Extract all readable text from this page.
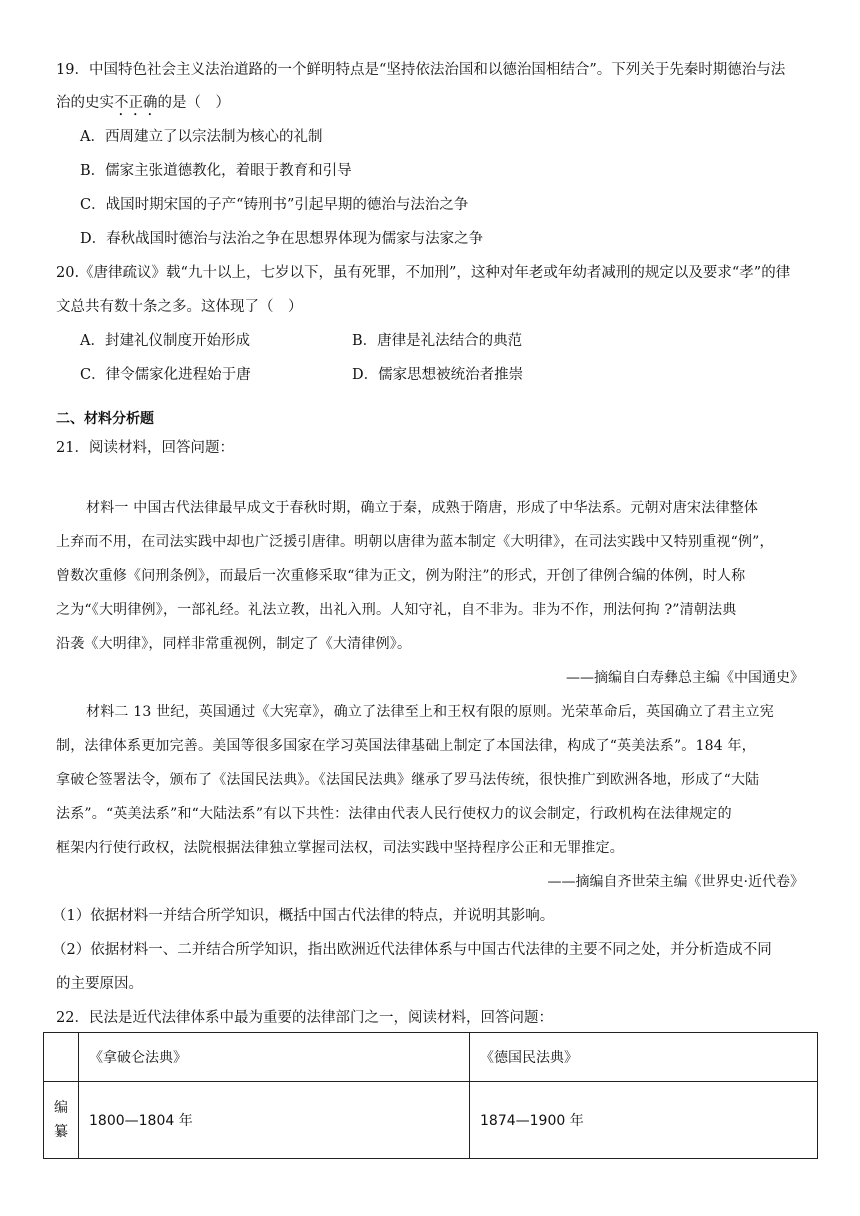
19．中国特色社会主义法治道路的一个鲜明特点是“坚持依法治国和以德治国相结合”。下列关于先秦时期德治与法
治的史实不正确的是（　）
A．西周建立了以宗法制为核心的礼制
B．儒家主张道德教化，着眼于教育和引导
C．战国时期宋国的子产“铸刑书”引起早期的德治与法治之争
D．春秋战国时德治与法治之争在思想界体现为儒家与法家之争
20.《唐律疏议》载“九十以上，七岁以下，虽有死罪，不加刑”，这种对年老或年幼者减刑的规定以及要求“孝”的律
文总共有数十条之多。这体现了（　）
A．封建礼仪制度开始形成	B．唐律是礼法结合的典范
C．律令儒家化进程始于唐	D．儒家思想被统治者推崇
二、材料分析题
21．阅读材料，回答问题：
材料一 中国古代法律最早成文于春秋时期，确立于秦，成熟于隋唐，形成了中华法系。元朝对唐宋法律整体
上弃而不用，在司法实践中却也广泛援引唐律。明朝以唐律为蓝本制定《大明律》，在司法实践中又特别重视“例”，
曾数次重修《问刑条例》，而最后一次重修采取“律为正文，例为附注”的形式，开创了律例合编的体例，时人称
之为“《大明律例》，一部礼经。礼法立教，出礼入刑。人知守礼，自不非为。非为不作，刑法何拘 ?”清朝法典
沿袭《大明律》，同样非常重视例，制定了《大清律例》。
——摘编自白寿彝总主编《中国通史》
材料二 13 世纪，英国通过《大宪章》，确立了法律至上和王权有限的原则。光荣革命后，英国确立了君主立宪
制，法律体系更加完善。美国等很多国家在学习英国法律基础上制定了本国法律，构成了“英美法系”。184 年，
拿破仑签署法令，颁布了《法国民法典》。《法国民法典》继承了罗马法传统，很快推广到欧洲各地，形成了“大陆
法系”。“英美法系”和“大陆法系”有以下共性：法律由代表人民行使权力的议会制定，行政机构在法律规定的
框架内行使行政权，法院根据法律独立掌握司法权，司法实践中坚持程序公正和无罪推定。
——摘编自齐世荣主编《世界史·近代卷》
（1）依据材料一并结合所学知识，概括中国古代法律的特点，并说明其影响。
（2）依据材料一、二并结合所学知识，指出欧洲近代法律体系与中国古代法律的主要不同之处，并分析造成不同
的主要原因。
22．民法是近代法律体系中最为重要的法律部门之一，阅读材料，回答问题：
	《拿破仑法典》	《德国民法典》
编
纂	1800—1804 年	1874—1900 年
